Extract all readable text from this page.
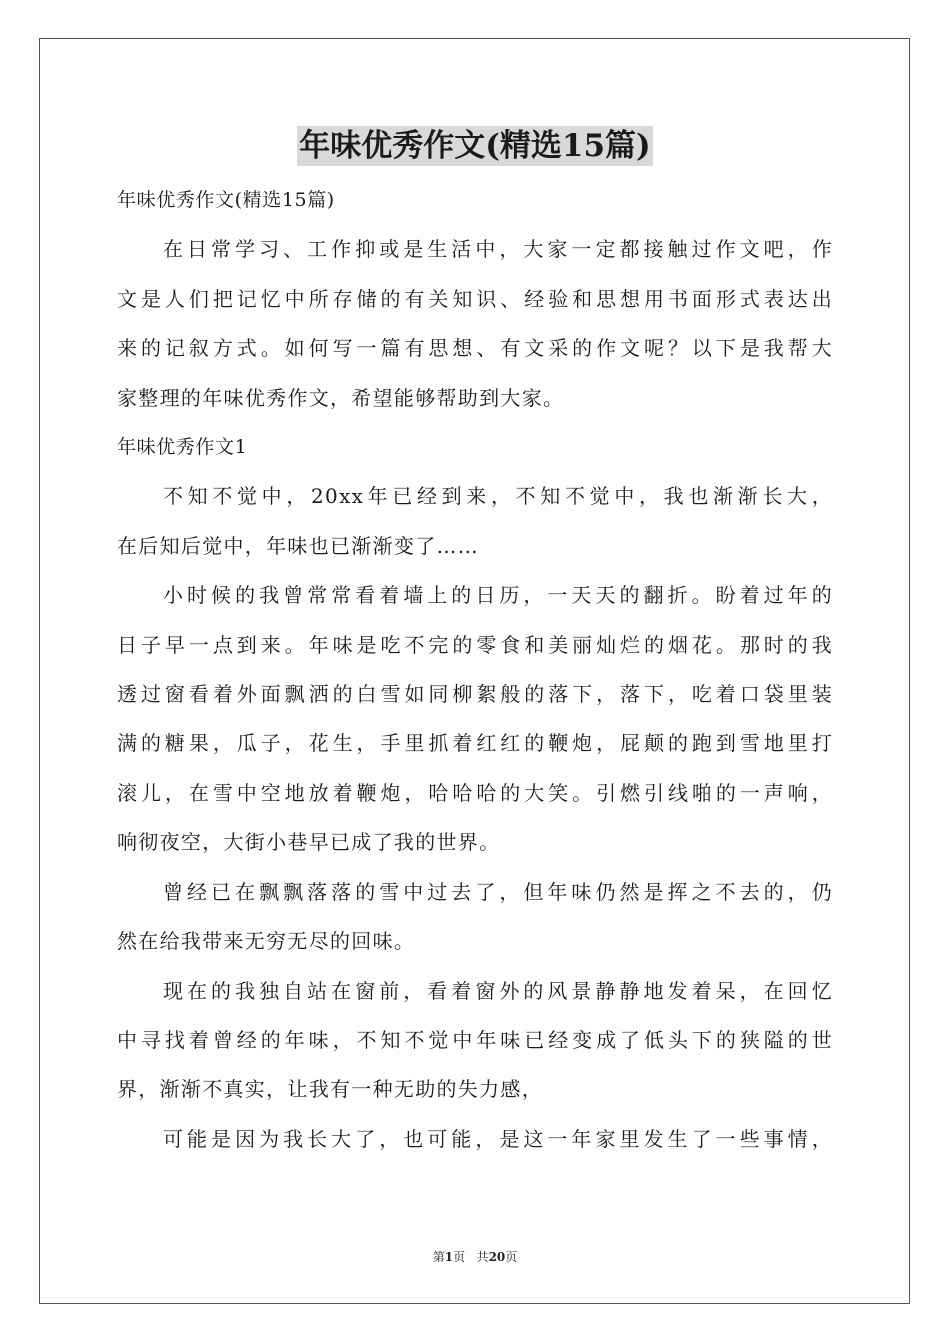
年味优秀作文(精选15篇)
年味优秀作文(精选15篇)
在日常学习、工作抑或是生活中，大家一定都接触过作文吧，作
文是人们把记忆中所存储的有关知识、经验和思想用书面形式表达出
来的记叙方式。如何写一篇有思想、有文采的作文呢？以下是我帮大
家整理的年味优秀作文，希望能够帮助到大家。
年味优秀作文1
不知不觉中，20xx年已经到来，不知不觉中，我也渐渐长大，
在后知后觉中，年味也已渐渐变了……
小时候的我曾常常看着墙上的日历，一天天的翻折。盼着过年的
日子早一点到来。年味是吃不完的零食和美丽灿烂的烟花。那时的我
透过窗看着外面飘洒的白雪如同柳絮般的落下，落下，吃着口袋里装
满的糖果，瓜子，花生，手里抓着红红的鞭炮，屁颠的跑到雪地里打
滚儿，在雪中空地放着鞭炮，哈哈哈的大笑。引燃引线啪的一声响，
响彻夜空，大街小巷早已成了我的世界。
曾经已在飘飘落落的雪中过去了，但年味仍然是挥之不去的，仍
然在给我带来无穷无尽的回味。
现在的我独自站在窗前，看着窗外的风景静静地发着呆，在回忆
中寻找着曾经的年味，不知不觉中年味已经变成了低头下的狭隘的世
界，渐渐不真实，让我有一种无助的失力感，
可能是因为我长大了，也可能，是这一年家里发生了一些事情，
第1页 共20页
